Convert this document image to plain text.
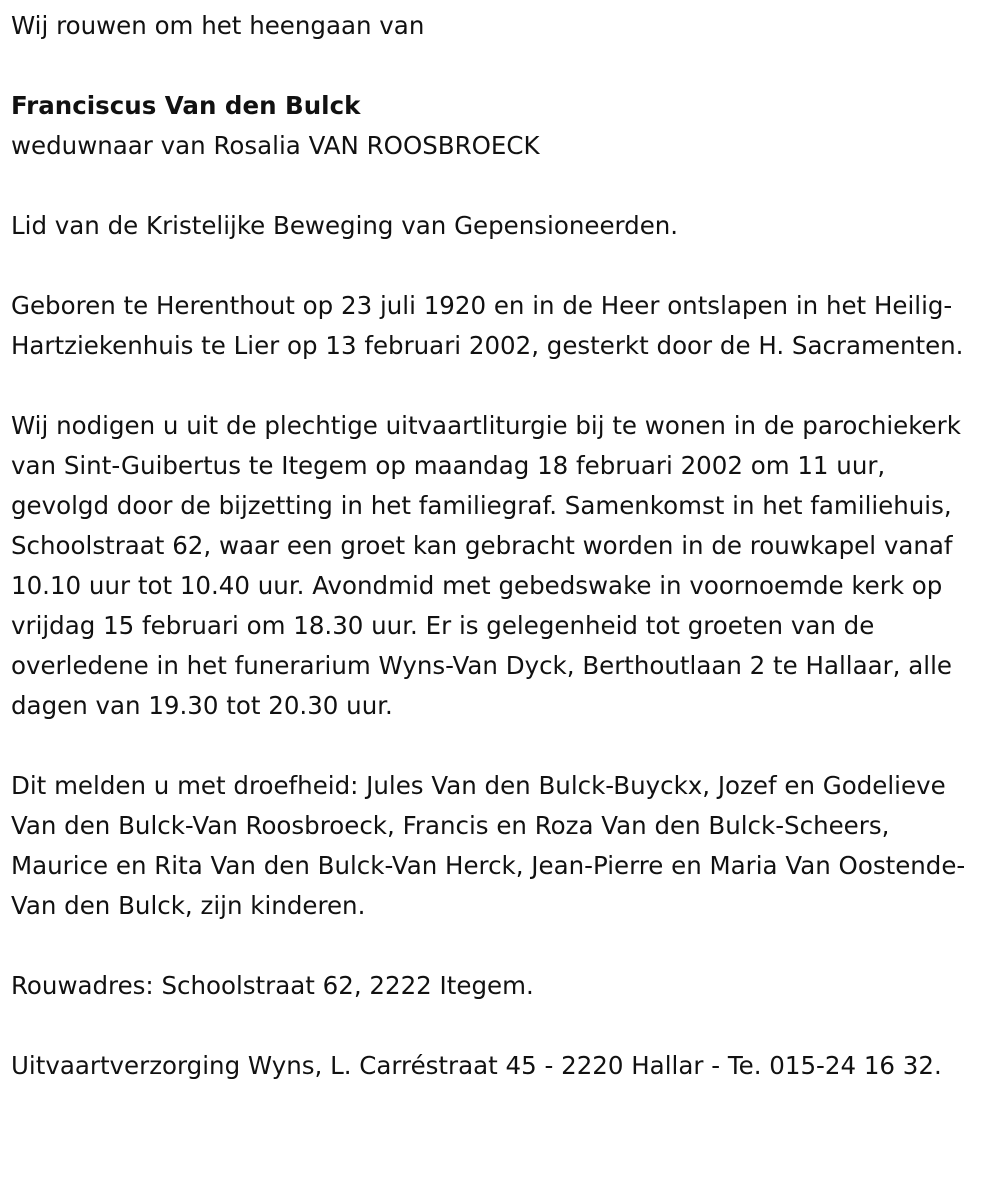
Wij rouwen om het heengaan van

Franciscus Van den Bulck

weduwnaar van Rosalia VAN ROOSBROECK

Lid van de Kristelijke Beweging van Gepensioneerden.

Geboren te Herenthout op 23 juli 1920 en in de Heer ontslapen in het Heilig-Hartziekenhuis te Lier op 13 februari 2002, gesterkt door de H. Sacramenten.

Wij nodigen u uit de plechtige uitvaartliturgie bij te wonen in de parochiekerk van Sint-Guibertus te Itegem op maandag 18 februari 2002 om 11 uur, gevolgd door de bijzetting in het familiegraf. Samenkomst in het familiehuis, Schoolstraat 62, waar een groet kan gebracht worden in de rouwkapel vanaf 10.10 uur tot 10.40 uur. Avondmid met gebedswake in voornoemde kerk op vrijdag 15 februari om 18.30 uur. Er is gelegenheid tot groeten van de overledene in het funerarium Wyns-Van Dyck, Berthoutlaan 2 te Hallaar, alle dagen van 19.30 tot 20.30 uur.

Dit melden u met droefheid: Jules Van den Bulck-Buyckx, Jozef en Godelieve Van den Bulck-Van Roosbroeck, Francis en Roza Van den Bulck-Scheers, Maurice en Rita Van den Bulck-Van Herck, Jean-Pierre en Maria Van Oostende-Van den Bulck, zijn kinderen.

Rouwadres: Schoolstraat 62, 2222 Itegem.

Uitvaartverzorging Wyns, L. Carréstraat 45 - 2220 Hallar - Te. 015-24 16 32.
